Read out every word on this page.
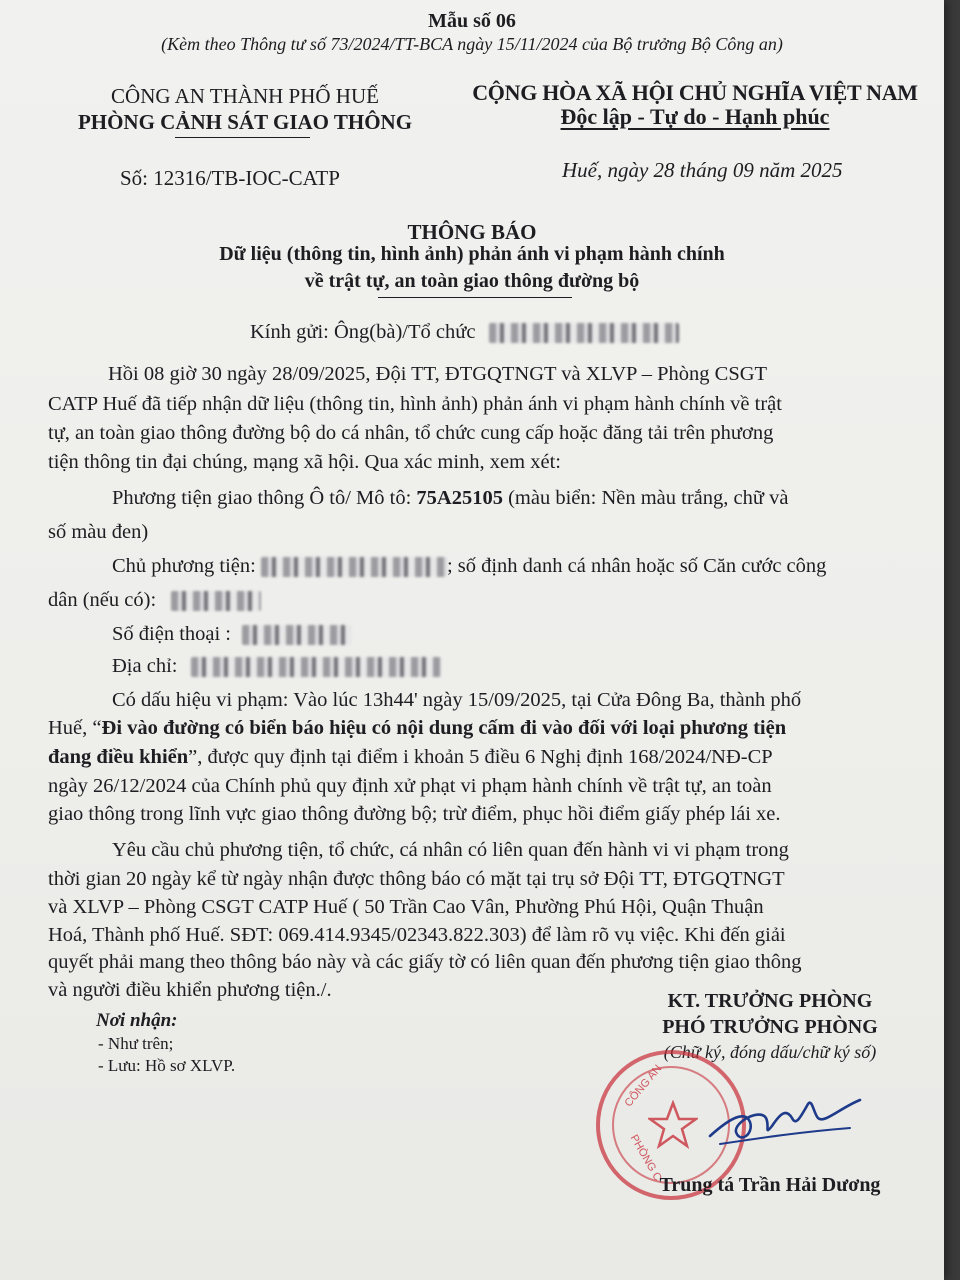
Mẫu số 06
(Kèm theo Thông tư số 73/2024/TT-BCA ngày 15/11/2024 của Bộ trưởng Bộ Công an)
CÔNG AN THÀNH PHỐ HUẾ
PHÒNG CẢNH SÁT GIAO THÔNG
Số: 12316/TB-IOC-CATP
CỘNG HÒA XÃ HỘI CHỦ NGHĨA VIỆT NAM
Độc lập - Tự do - Hạnh phúc
Huế, ngày 28 tháng 09 năm 2025
THÔNG BÁO
Dữ liệu (thông tin, hình ảnh) phản ánh vi phạm hành chính
về trật tự, an toàn giao thông đường bộ
Kính gửi: Ông(bà)/Tổ chức
Hồi 08 giờ 30 ngày 28/09/2025, Đội TT, ĐTGQTNGT và XLVP – Phòng CSGT
CATP Huế đã tiếp nhận dữ liệu (thông tin, hình ảnh) phản ánh vi phạm hành chính về trật
tự, an toàn giao thông đường bộ do cá nhân, tổ chức cung cấp hoặc đăng tải trên phương
tiện thông tin đại chúng, mạng xã hội. Qua xác minh, xem xét:
Phương tiện giao thông Ô tô/ Mô tô: 75A25105 (màu biển: Nền màu trắng, chữ và
số màu đen)
Chủ phương tiện:	; số định danh cá nhân hoặc số Căn cước công
dân (nếu có):
Số điện thoại :
Địa chỉ:
Có dấu hiệu vi phạm: Vào lúc 13h44' ngày 15/09/2025, tại Cửa Đông Ba, thành phố
Huế, “Đi vào đường có biển báo hiệu có nội dung cấm đi vào đối với loại phương tiện
đang điều khiển”, được quy định tại điểm i khoản 5 điều 6 Nghị định 168/2024/NĐ-CP
ngày 26/12/2024 của Chính phủ quy định xử phạt vi phạm hành chính về trật tự, an toàn
giao thông trong lĩnh vực giao thông đường bộ; trừ điểm, phục hồi điểm giấy phép lái xe.
Yêu cầu chủ phương tiện, tổ chức, cá nhân có liên quan đến hành vi vi phạm trong
thời gian 20 ngày kể từ ngày nhận được thông báo có mặt tại trụ sở Đội TT, ĐTGQTNGT
và XLVP – Phòng CSGT CATP Huế ( 50 Trần Cao Vân, Phường Phú Hội, Quận Thuận
Hoá, Thành phố Huế. SĐT: 069.414.9345/02343.822.303) để làm rõ vụ việc. Khi đến giải
quyết phải mang theo thông báo này và các giấy tờ có liên quan đến phương tiện giao thông
và người điều khiển phương tiện./.
Nơi nhận:
- Như trên;
- Lưu: Hồ sơ XLVP.
KT. TRƯỞNG PHÒNG
PHÓ TRƯỞNG PHÒNG
(Chữ ký, đóng dấu/chữ ký số)
CÔNG AN
PHÒNG C
Trung tá Trần Hải Dương
